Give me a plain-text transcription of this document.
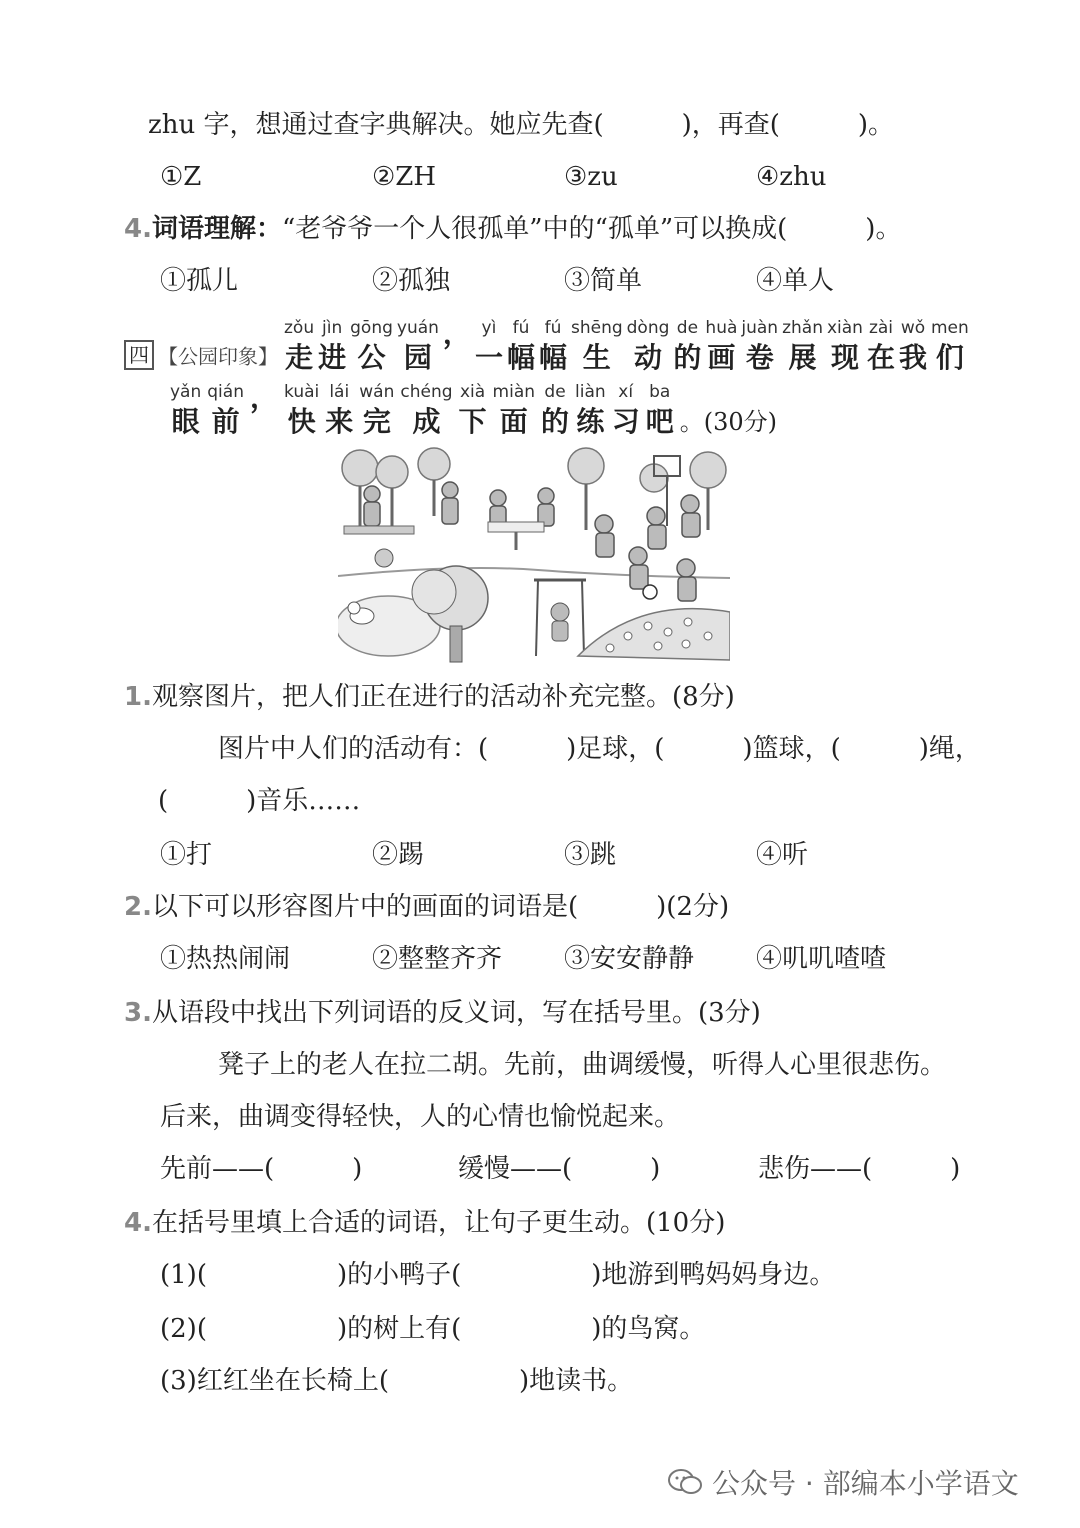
zhu 字，想通过查字典解决。她应先查(　　　)，再查(　　　)。
①Z	②ZH	③zu	④zhu
4.词语理解：“老爷爷一个人很孤单”中的“孤单”可以换成(　　　)。
①孤儿	②孤独	③简单	④单人
四 【公园印象】
zǒu
走
jìn
进
gōng
公
yuán
园
， yì
一
fú
幅
fú
幅
shēng
生
dòng
动
de
的
huà
画
juàn
卷
zhǎn
展
xiàn
现
zài
在
wǒ
我
men
们
yǎn
眼
qián
前
， kuài
快
lái
来
wán
完
chéng
成
xià
下
miàn
面
de
的
liàn
练
xí
习
ba
吧
。(30分)
1.观察图片，把人们正在进行的活动补充完整。(8分)
图片中人们的活动有：(　　　)足球，(　　　)篮球，(　　　)绳，
(　　　)音乐……
①打	②踢	③跳	④听
2.以下可以形容图片中的画面的词语是(　　　)(2分)
①热热闹闹	②整整齐齐 ③安安静静 ④叽叽喳喳
3.从语段中找出下列词语的反义词，写在括号里。(3分)
凳子上的老人在拉二胡。先前，曲调缓慢，听得人心里很悲伤。
后来，曲调变得轻快，人的心情也愉悦起来。
先前——(　　　)	缓慢——(　　　)	悲伤——(　　　)
4.在括号里填上合适的词语，让句子更生动。(10分)
(1)(　　　　　)的小鸭子(　　　　　)地游到鸭妈妈身边。
(2)(　　　　　)的树上有(　　　　　)的鸟窝。
(3)红红坐在长椅上(　　　　　)地读书。
公众号 · 部编本小学语文
